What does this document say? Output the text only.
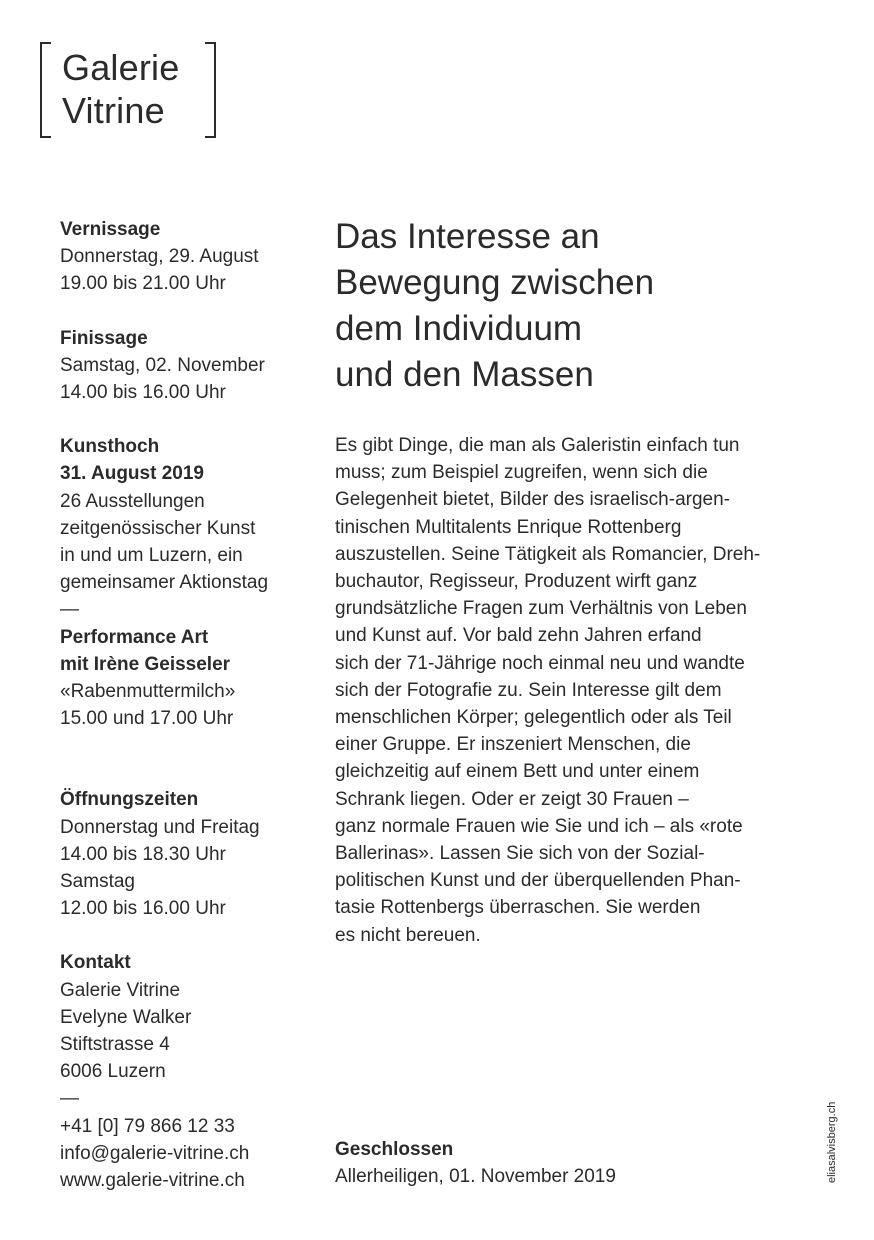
Galerie
Vitrine
Vernissage
Donnerstag, 29. August
19.00 bis 21.00 Uhr
Finissage
Samstag, 02. November
14.00 bis 16.00 Uhr
Kunsthoch
31. August 2019
26 Ausstellungen
zeitgenössischer Kunst
in und um Luzern, ein
gemeinsamer Aktionstag
—
Performance Art
mit Irène Geisseler
«Rabenmuttermilch»
15.00 und 17.00 Uhr
Öffnungszeiten
Donnerstag und Freitag
14.00 bis 18.30 Uhr
Samstag
12.00 bis 16.00 Uhr
Kontakt
Galerie Vitrine
Evelyne Walker
Stiftstrasse 4
6006 Luzern
—
+41 [0] 79 866 12 33
info@galerie-vitrine.ch
www.galerie-vitrine.ch
Das Interesse an
Bewegung zwischen
dem Individuum
und den Massen
Es gibt Dinge, die man als Galeristin einfach tun
muss; zum Beispiel zugreifen, wenn sich die
Gelegenheit bietet, Bilder des israelisch-argen-
tinischen Multitalents Enrique Rottenberg
auszustellen. Seine Tätigkeit als Romancier, Dreh-
buchautor, Regisseur, Produzent wirft ganz
grundsätzliche Fragen zum Verhältnis von Leben
und Kunst auf. Vor bald zehn Jahren erfand
sich der 71-Jährige noch einmal neu und wandte
sich der Fotografie zu. Sein Interesse gilt dem
menschlichen Körper; gelegentlich oder als Teil
einer Gruppe. Er inszeniert Menschen, die
gleichzeitig auf einem Bett und unter einem
Schrank liegen. Oder er zeigt 30 Frauen –
ganz normale Frauen wie Sie und ich – als «rote
Ballerinas». Lassen Sie sich von der Sozial-
politischen Kunst und der überquellenden Phan-
tasie Rottenbergs überraschen. Sie werden
es nicht bereuen.
Geschlossen
Allerheiligen, 01. November 2019	eliasalvisberg.ch
